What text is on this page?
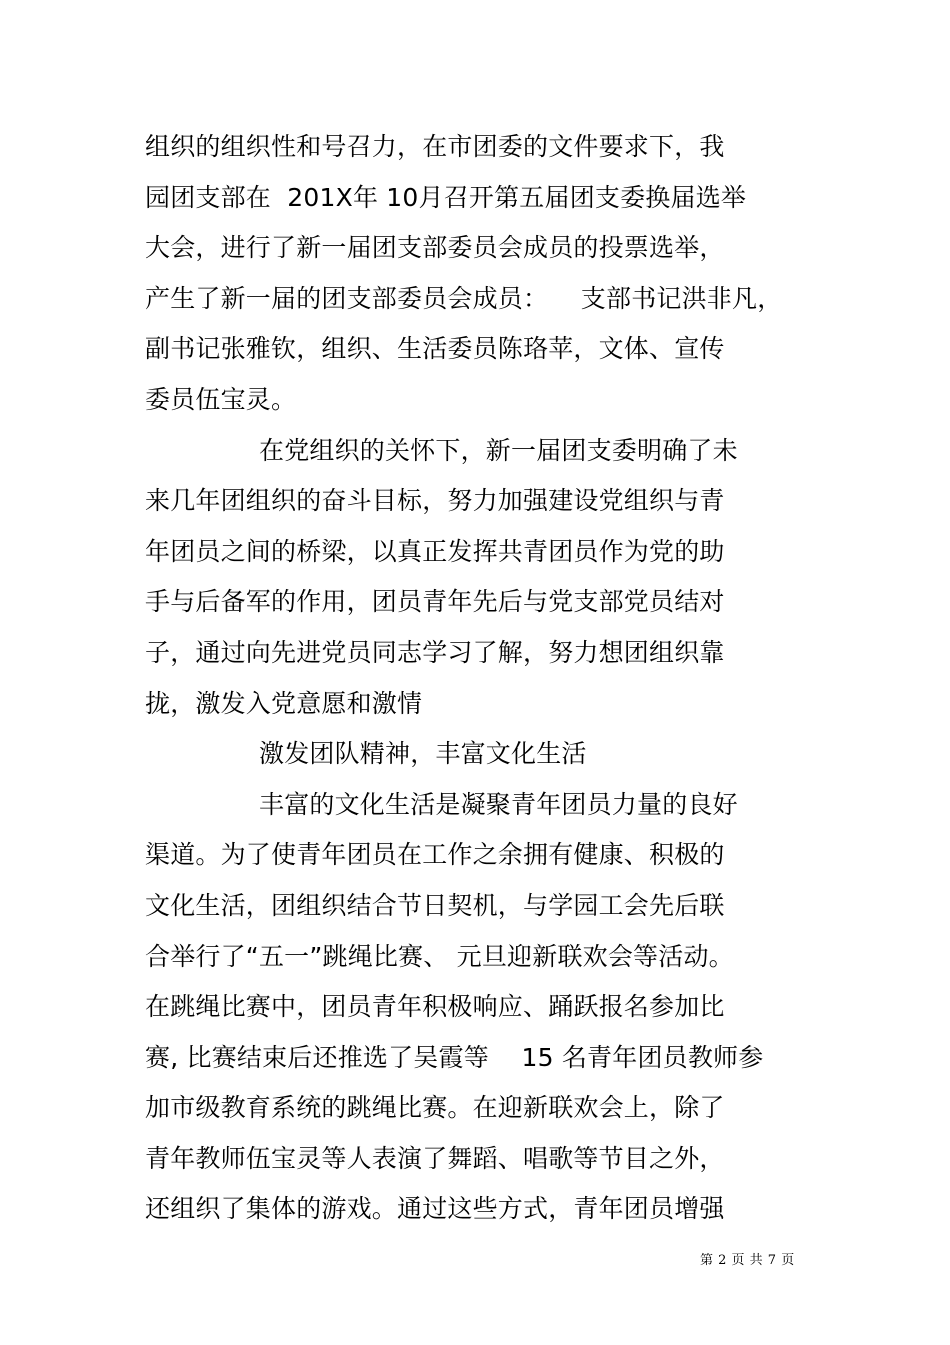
组织的组织性和号召力，在市团委的文件要求下，我
园团支部在  201X年 10月召开第五届团支委换届选举
大会，进行了新一届团支部委员会成员的投票选举，
产生了新一届的团支部委员会成员：    支部书记洪非凡，
副书记张雅钦，组织、生活委员陈珞苹，文体、宣传
委员伍宝灵。
在党组织的关怀下，新一届团支委明确了未
来几年团组织的奋斗目标，努力加强建设党组织与青
年团员之间的桥梁，以真正发挥共青团员作为党的助
手与后备军的作用，团员青年先后与党支部党员结对
子，通过向先进党员同志学习了解，努力想团组织靠
拢，激发入党意愿和激情
激发团队精神，丰富文化生活
丰富的文化生活是凝聚青年团员力量的良好
渠道。为了使青年团员在工作之余拥有健康、积极的
文化生活，团组织结合节日契机，与学园工会先后联
合举行了“五一”跳绳比赛、 元旦迎新联欢会等活动。
在跳绳比赛中，团员青年积极响应、踊跃报名参加比
赛, 比赛结束后还推选了吴霞等    15 名青年团员教师参
加市级教育系统的跳绳比赛。在迎新联欢会上，除了
青年教师伍宝灵等人表演了舞蹈、唱歌等节目之外，
还组织了集体的游戏。通过这些方式，青年团员增强
第 2 页 共 7 页
